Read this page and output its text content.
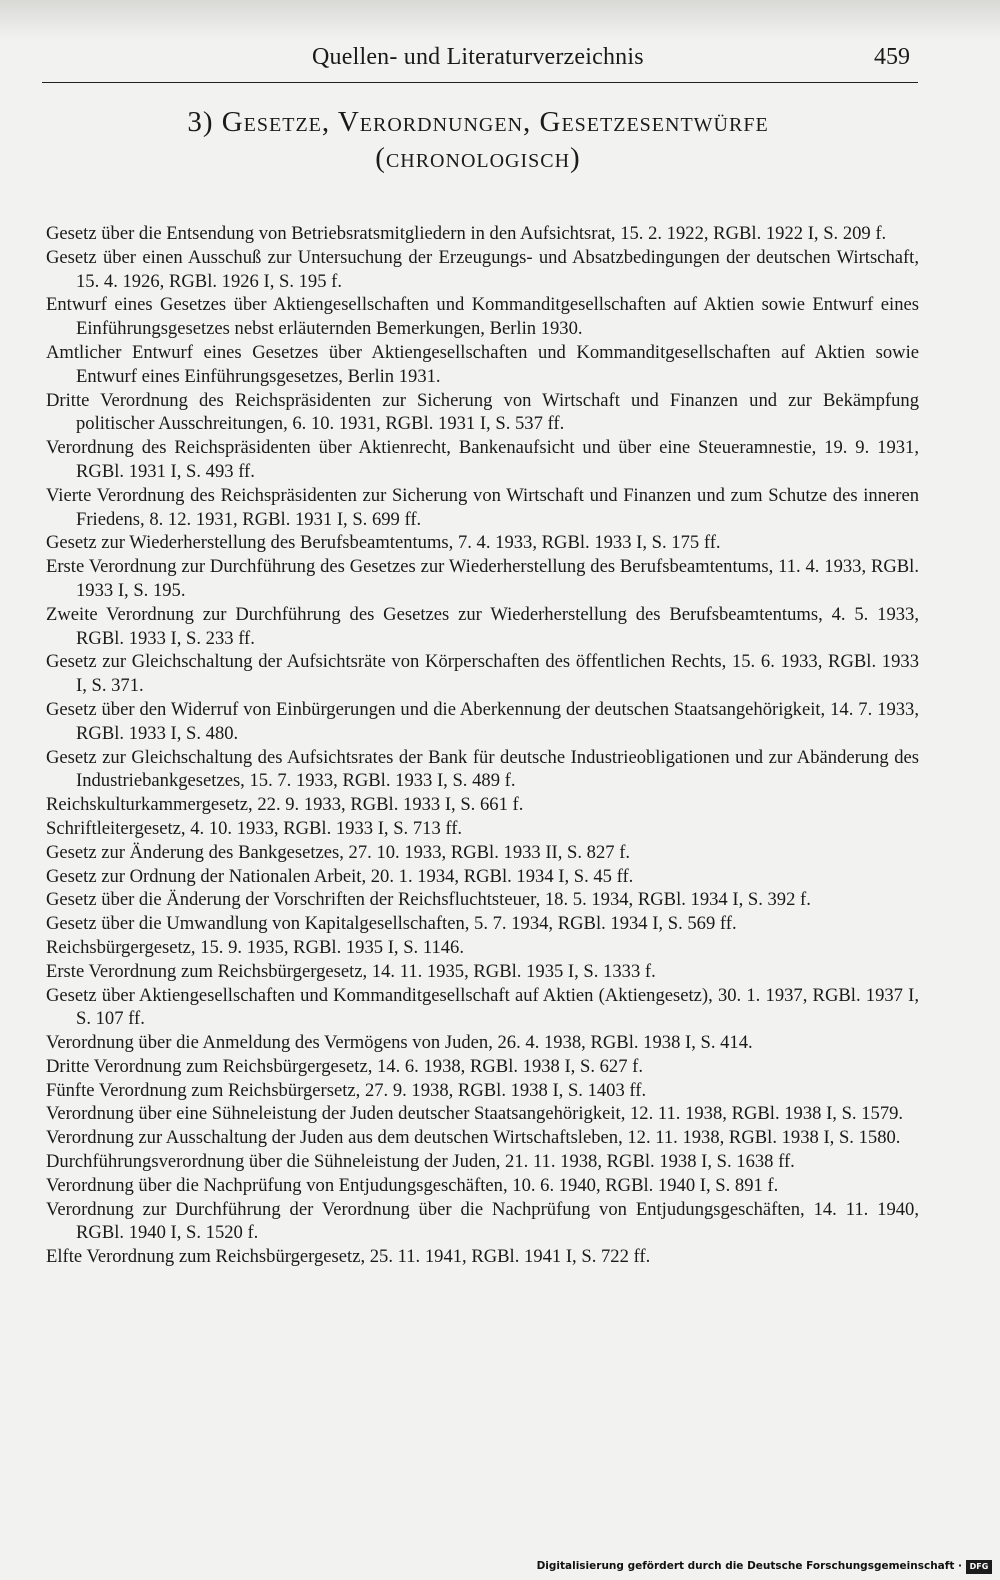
Quellen- und Literaturverzeichnis	459
3) Gesetze, Verordnungen, Gesetzesentwürfe
(chronologisch)
Gesetz über die Entsendung von Betriebsratsmitgliedern in den Aufsichtsrat, 15. 2. 1922, RGBl. 1922 I, S. 209 f.
Gesetz über einen Ausschuß zur Untersuchung der Erzeugungs- und Absatzbedingungen der deutschen Wirtschaft, 15. 4. 1926, RGBl. 1926 I, S. 195 f.
Entwurf eines Gesetzes über Aktiengesellschaften und Kommanditgesellschaften auf Aktien sowie Entwurf eines Einführungsgesetzes nebst erläuternden Bemerkungen, Berlin 1930.
Amtlicher Entwurf eines Gesetzes über Aktiengesellschaften und Kommanditgesellschaften auf Aktien sowie Entwurf eines Einführungsgesetzes, Berlin 1931.
Dritte Verordnung des Reichspräsidenten zur Sicherung von Wirtschaft und Finanzen und zur Bekämpfung politischer Ausschreitungen, 6. 10. 1931, RGBl. 1931 I, S. 537 ff.
Verordnung des Reichspräsidenten über Aktienrecht, Bankenaufsicht und über eine Steueramnestie, 19. 9. 1931, RGBl. 1931 I, S. 493 ff.
Vierte Verordnung des Reichspräsidenten zur Sicherung von Wirtschaft und Finanzen und zum Schutze des inneren Friedens, 8. 12. 1931, RGBl. 1931 I, S. 699 ff.
Gesetz zur Wiederherstellung des Berufsbeamtentums, 7. 4. 1933, RGBl. 1933 I, S. 175 ff.
Erste Verordnung zur Durchführung des Gesetzes zur Wiederherstellung des Berufsbeamtentums, 11. 4. 1933, RGBl. 1933 I, S. 195.
Zweite Verordnung zur Durchführung des Gesetzes zur Wiederherstellung des Berufsbeamtentums, 4. 5. 1933, RGBl. 1933 I, S. 233 ff.
Gesetz zur Gleichschaltung der Aufsichtsräte von Körperschaften des öffentlichen Rechts, 15. 6. 1933, RGBl. 1933 I, S. 371.
Gesetz über den Widerruf von Einbürgerungen und die Aberkennung der deutschen Staatsangehörigkeit, 14. 7. 1933, RGBl. 1933 I, S. 480.
Gesetz zur Gleichschaltung des Aufsichtsrates der Bank für deutsche Industrieobligationen und zur Abänderung des Industriebankgesetzes, 15. 7. 1933, RGBl. 1933 I, S. 489 f.
Reichskulturkammergesetz, 22. 9. 1933, RGBl. 1933 I, S. 661 f.
Schriftleitergesetz, 4. 10. 1933, RGBl. 1933 I, S. 713 ff.
Gesetz zur Änderung des Bankgesetzes, 27. 10. 1933, RGBl. 1933 II, S. 827 f.
Gesetz zur Ordnung der Nationalen Arbeit, 20. 1. 1934, RGBl. 1934 I, S. 45 ff.
Gesetz über die Änderung der Vorschriften der Reichsfluchtsteuer, 18. 5. 1934, RGBl. 1934 I, S. 392 f.
Gesetz über die Umwandlung von Kapitalgesellschaften, 5. 7. 1934, RGBl. 1934 I, S. 569 ff.
Reichsbürgergesetz, 15. 9. 1935, RGBl. 1935 I, S. 1146.
Erste Verordnung zum Reichsbürgergesetz, 14. 11. 1935, RGBl. 1935 I, S. 1333 f.
Gesetz über Aktiengesellschaften und Kommanditgesellschaft auf Aktien (Aktiengesetz), 30. 1. 1937, RGBl. 1937 I, S. 107 ff.
Verordnung über die Anmeldung des Vermögens von Juden, 26. 4. 1938, RGBl. 1938 I, S. 414.
Dritte Verordnung zum Reichsbürgergesetz, 14. 6. 1938, RGBl. 1938 I, S. 627 f.
Fünfte Verordnung zum Reichsbürgersetz, 27. 9. 1938, RGBl. 1938 I, S. 1403 ff.
Verordnung über eine Sühneleistung der Juden deutscher Staatsangehörigkeit, 12. 11. 1938, RGBl. 1938 I, S. 1579.
Verordnung zur Ausschaltung der Juden aus dem deutschen Wirtschaftsleben, 12. 11. 1938, RGBl. 1938 I, S. 1580.
Durchführungsverordnung über die Sühneleistung der Juden, 21. 11. 1938, RGBl. 1938 I, S. 1638 ff.
Verordnung über die Nachprüfung von Entjudungsgeschäften, 10. 6. 1940, RGBl. 1940 I, S. 891 f.
Verordnung zur Durchführung der Verordnung über die Nachprüfung von Entjudungsgeschäften, 14. 11. 1940, RGBl. 1940 I, S. 1520 f.
Elfte Verordnung zum Reichsbürgergesetz, 25. 11. 1941, RGBl. 1941 I, S. 722 ff.
Digitalisierung gefördert durch die Deutsche Forschungsgemeinschaft · DFG
